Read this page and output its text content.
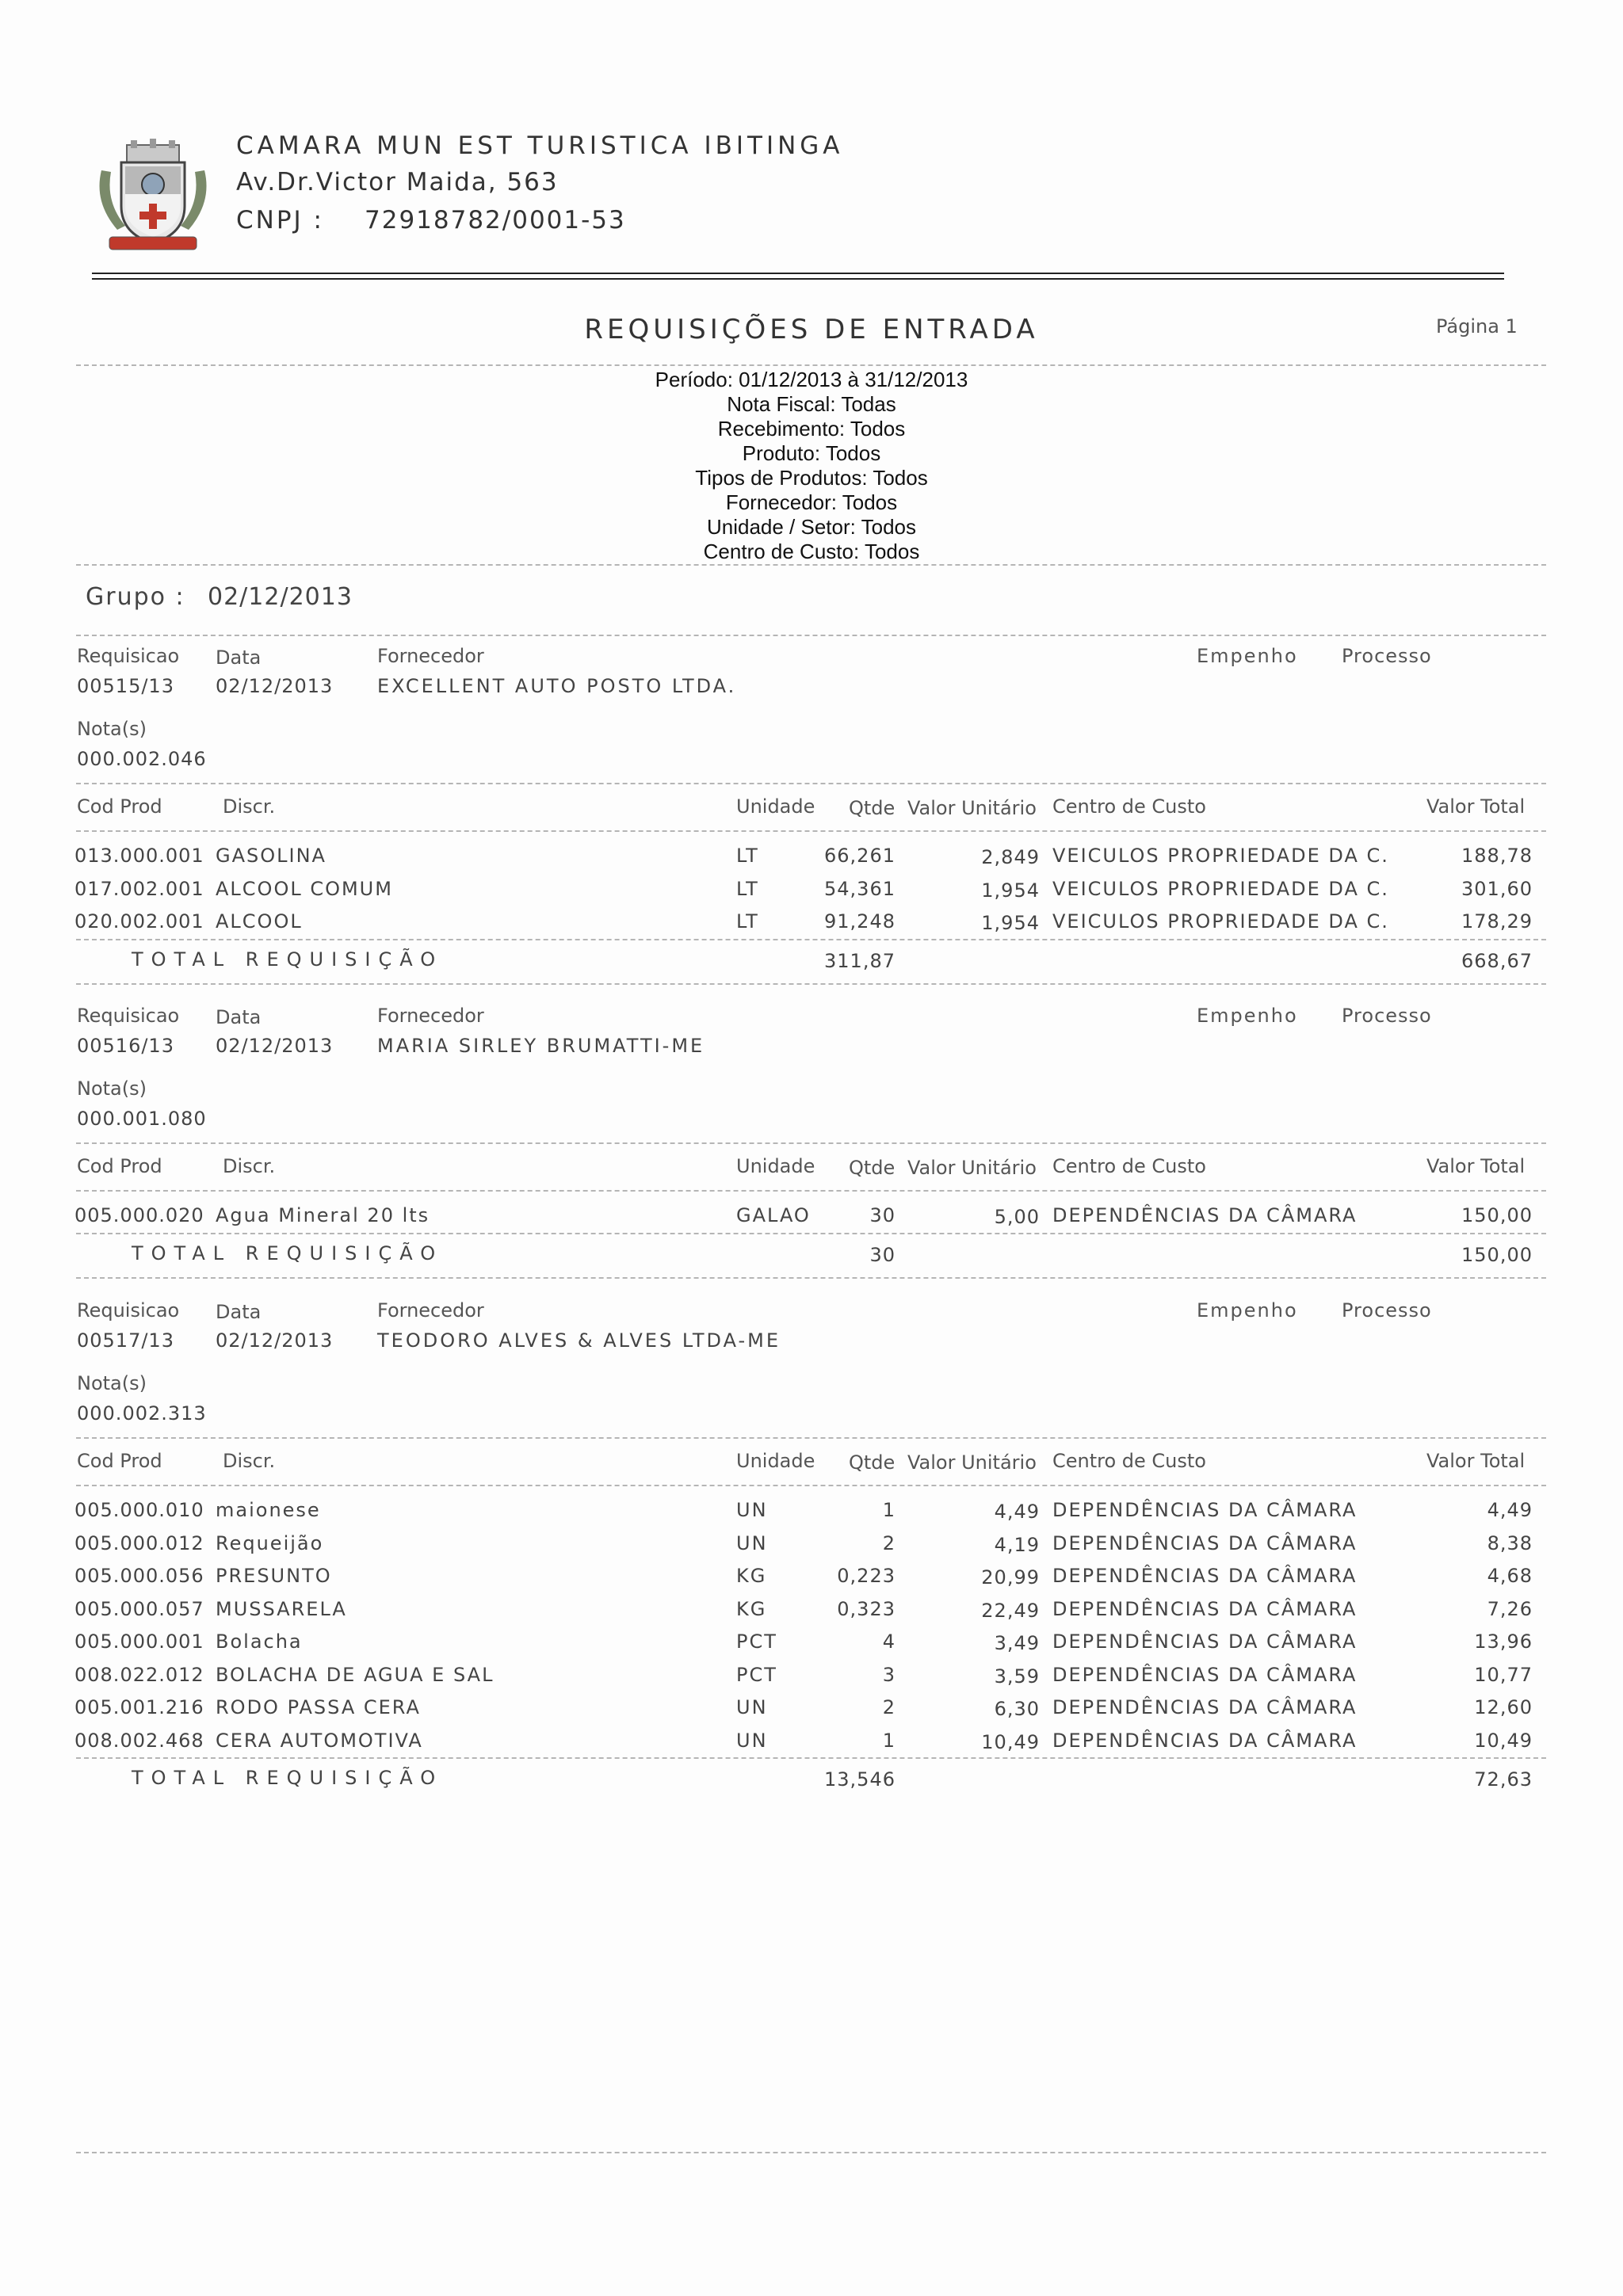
CAMARA MUN EST TURISTICA IBITINGA
Av.Dr.Victor Maida, 563
CNPJ : 72918782/0001-53
REQUISIÇÕES DE ENTRADA	Página 1
Período: 01/12/2013 à 31/12/2013
Nota Fiscal: Todas
Recebimento: Todos
Produto: Todos
Tipos de Produtos: Todos
Fornecedor: Todos
Unidade / Setor: Todos
Centro de Custo: Todos
Grupo : 02/12/2013
Requisicao Data	Fornecedor	Empenho Processo
00515/13 02/12/2013 EXCELLENT AUTO POSTO LTDA.
Nota(s)
000.002.046
Cod Prod	Discr.	Unidade Qtde Valor Unitário Centro de Custo	Valor Total
013.000.001 GASOLINA	LT	66,261	2,849 VEICULOS PROPRIEDADE DA C.	188,78
017.002.001 ALCOOL COMUM	LT	54,361	1,954 VEICULOS PROPRIEDADE DA C.	301,60
020.002.001 ALCOOL	LT	91,248	1,954 VEICULOS PROPRIEDADE DA C.	178,29
TOTAL REQUISIÇÃO	311,87	668,67
Requisicao Data	Fornecedor	Empenho Processo
00516/13 02/12/2013 MARIA SIRLEY BRUMATTI-ME
Nota(s)
000.001.080
Cod Prod	Discr.	Unidade Qtde Valor Unitário Centro de Custo	Valor Total
005.000.020 Agua Mineral 20 lts	GALAO	30	5,00 DEPENDÊNCIAS DA CÂMARA	150,00
TOTAL REQUISIÇÃO	30	150,00
Requisicao Data	Fornecedor	Empenho Processo
00517/13 02/12/2013 TEODORO ALVES & ALVES LTDA-ME
Nota(s)
000.002.313
Cod Prod	Discr.	Unidade Qtde Valor Unitário Centro de Custo	Valor Total
005.000.010 maionese	UN	1	4,49 DEPENDÊNCIAS DA CÂMARA	4,49
005.000.012 Requeijão	UN	2	4,19 DEPENDÊNCIAS DA CÂMARA	8,38
005.000.056 PRESUNTO	KG	0,223	20,99 DEPENDÊNCIAS DA CÂMARA	4,68
005.000.057 MUSSARELA	KG	0,323	22,49 DEPENDÊNCIAS DA CÂMARA	7,26
005.000.001 Bolacha	PCT	4	3,49 DEPENDÊNCIAS DA CÂMARA	13,96
008.022.012 BOLACHA DE AGUA E SAL	PCT	3	3,59 DEPENDÊNCIAS DA CÂMARA	10,77
005.001.216 RODO PASSA CERA	UN	2	6,30 DEPENDÊNCIAS DA CÂMARA	12,60
008.002.468 CERA AUTOMOTIVA	UN	1	10,49 DEPENDÊNCIAS DA CÂMARA	10,49
TOTAL REQUISIÇÃO	13,546	72,63
